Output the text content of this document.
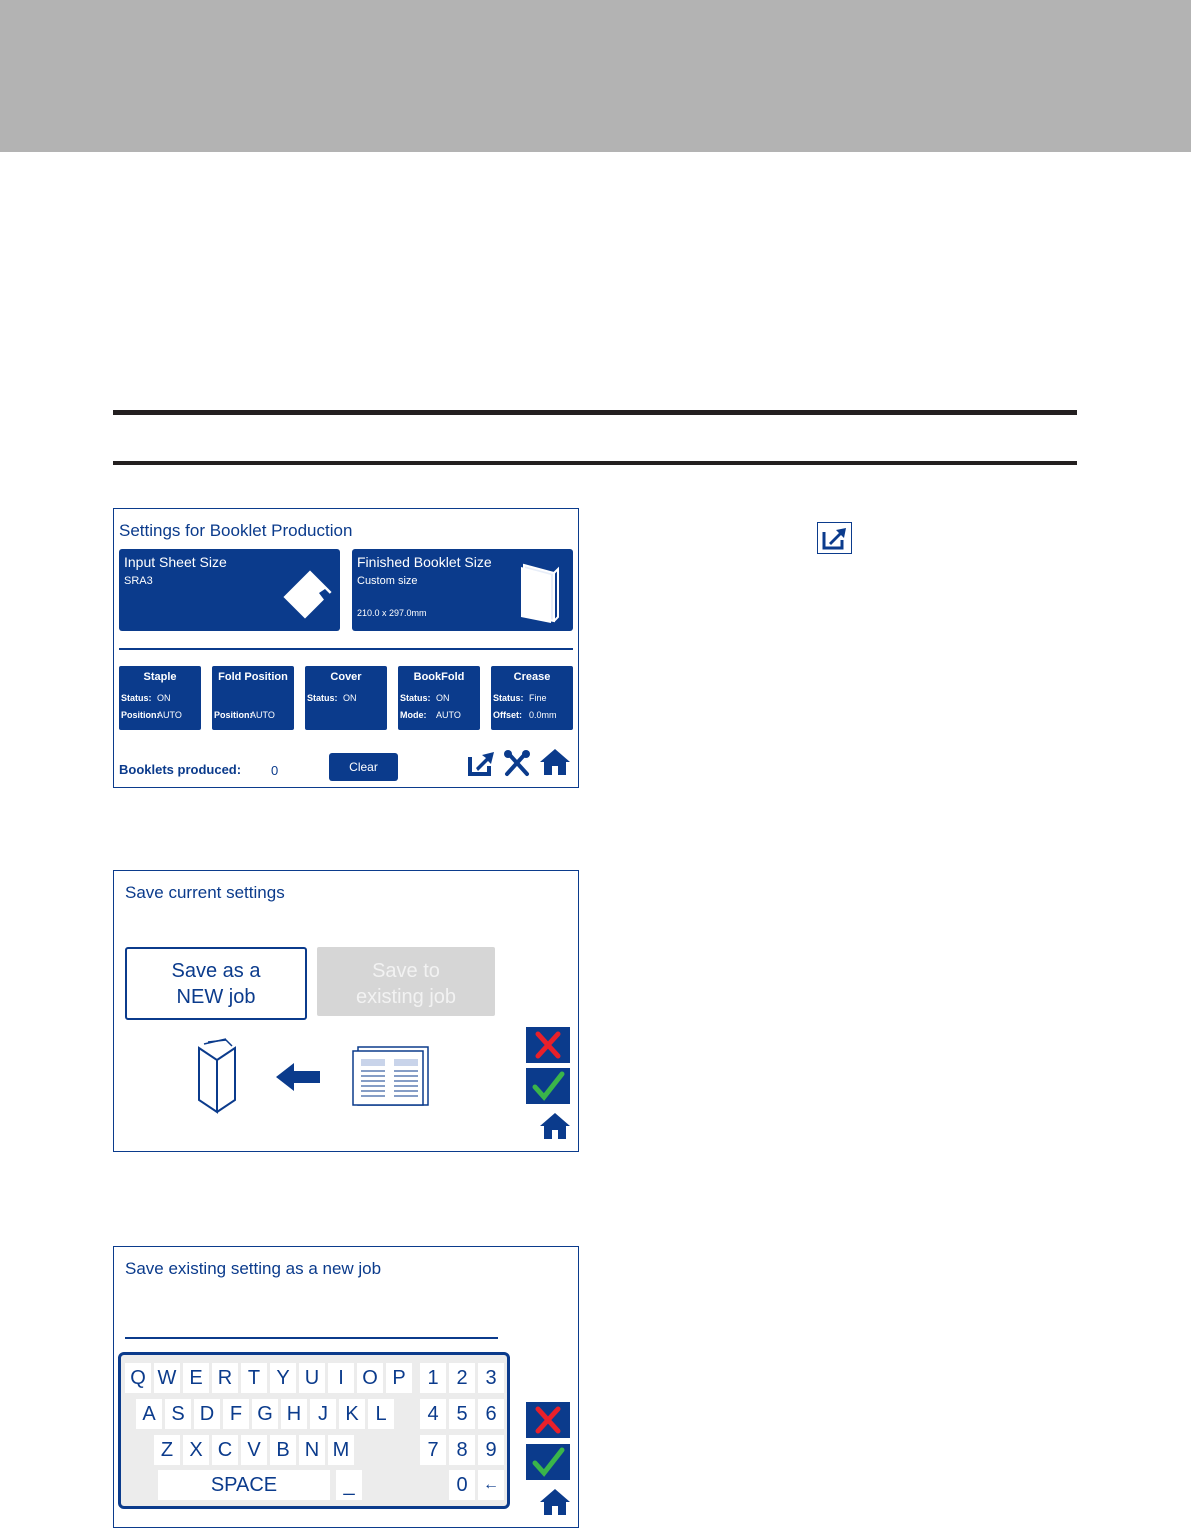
Settings for Booklet Production
Input Sheet Size
SRA3
Finished Booklet Size
Custom size
210.0 x 297.0mm
Staple
Status: ON
Position:AUTO
Fold Position
Position:AUTO
Cover
Status: ON
BookFold
Status: ON
Mode: AUTO
Crease
Status: Fine
Offset: 0.0mm
Booklets produced: 0	Clear
Save current settings
Save as a
NEW job
Save to
existing job
Save existing setting as a new job
Q W E R T Y U I O P	1 2 3
A S D F G H J K L	4 5 6
Z X C V B N M	7 8 9
SPACE	_	0 ←
